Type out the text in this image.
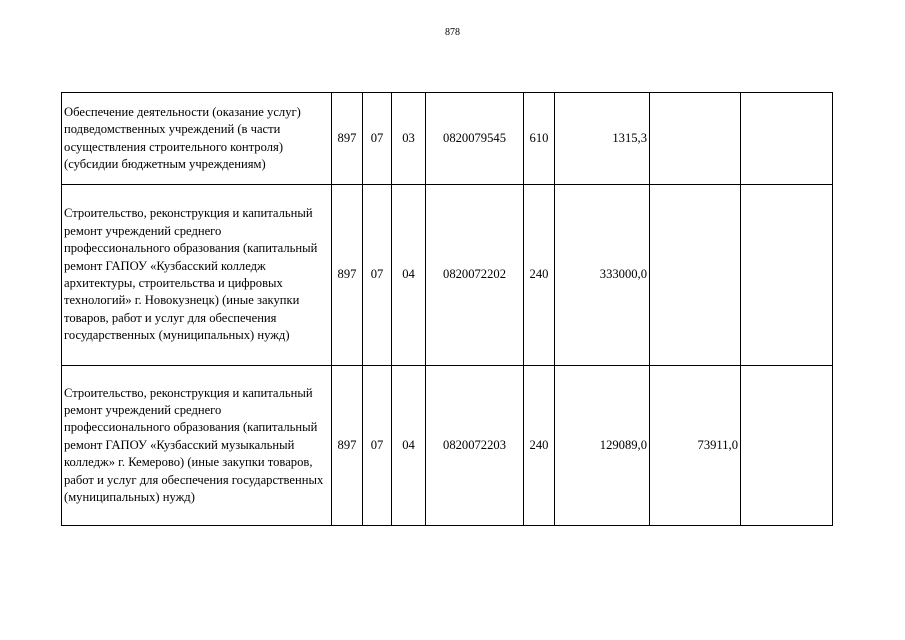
878
Обеспечение деятельности (оказание услуг) подведомственных учреждений (в части осуществления строительного контроля) (субсидии бюджетным учреждениям)	897	07	03	0820079545	610	1315,3		
Строительство, реконструкция и капитальный ремонт учреждений среднего профессионального образования (капитальный ремонт ГАПОУ «Кузбасский колледж архитектуры, строительства и цифровых технологий» г. Новокузнецк) (иные закупки товаров, работ и услуг для обеспечения государственных (муниципальных) нужд)	897	07	04	0820072202	240	333000,0		
Строительство, реконструкция и капитальный ремонт учреждений среднего профессионального образования (капитальный ремонт ГАПОУ «Кузбасский музыкальный колледж» г. Кемерово) (иные закупки товаров, работ и услуг для обеспечения государственных (муниципальных) нужд)	897	07	04	0820072203	240	129089,0	73911,0	
